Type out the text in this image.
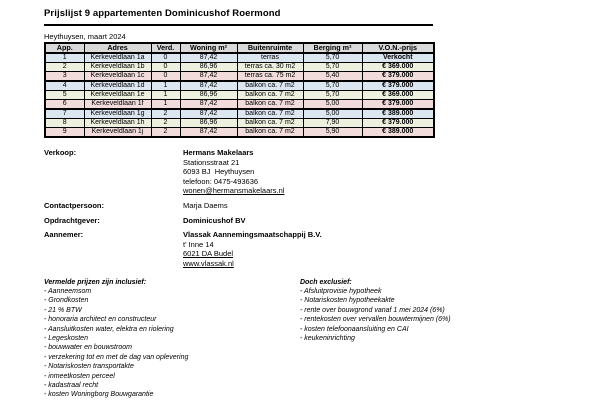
Prijslijst 9 appartementen Dominicushof Roermond
Heythuysen, maart 2024
App.	Adres	Verd.	Woning m²	Buitenruimte	Berging m²	V.O.N.-prijs
1	Kerkeveldlaan 1a	0	87,42	terras	5,70	Verkocht
2	Kerkeveldlaan 1b	0	86,96	terras ca. 30 m2	5,70	€ 369.000
3	Kerkeveldlaan 1c	0	87,42	terras ca. 75 m2	5,40	€ 379.000
4	Kerkeveldlaan 1d	1	87,42	balkon ca. 7 m2	5,70	€ 379.000
5	Kerkeveldlaan 1e	1	86,96	balkon ca. 7 m2	5,70	€ 369.000
6	Kerkeveldlaan 1f	1	87,42	balkon ca. 7 m2	5,00	€ 379.000
7	Kerkeveldlaan 1g	2	87,42	balkon ca. 7 m2	5,00	€ 389.000
8	Kerkeveldlaan 1h	2	86,96	balkon ca. 7 m2	7,90	€ 379.000
9	Kerkeveldlaan 1j	2	87,42	balkon ca. 7 m2	5,90	€ 389.000
Verkoop:	Hermans Makelaars
Stationsstraat 21
6093 BJ  Heythuysen
telefoon: 0475-493636
wonen@hermansmakelaars.nl
Contactpersoon:	Marja Daems
Opdrachtgever:	Dominicushof BV
Aannemer:	Vlassak Aannemingsmaatschappij B.V.
t' Inne 14
6021 DA Budel
www.vlassak.nl
Vermelde prijzen zijn inclusief:
- Aanneemsom
- Grondkosten
- 21 % BTW
- honoraria architect en constructeur
- Aansluitkosten water, elektra en riolering
- Legeskosten
- bouwwater en bouwstroom
- verzekering tot en met de dag van oplevering
- Notariskosten transportakte
- inmeetkosten perceel
- kadastraal recht
- kosten Woningborg Bouwgarantie
Doch exclusief:
- Afsluitprovisie hypotheek
- Notariskosten hypotheekakte
- rente over bouwgrond vanaf 1 mei 2024 (6%)
- rentekosten over vervallen bouwtermijnen (6%)
- kosten telefoonaansluiting en CAI
- keukeninrichting
